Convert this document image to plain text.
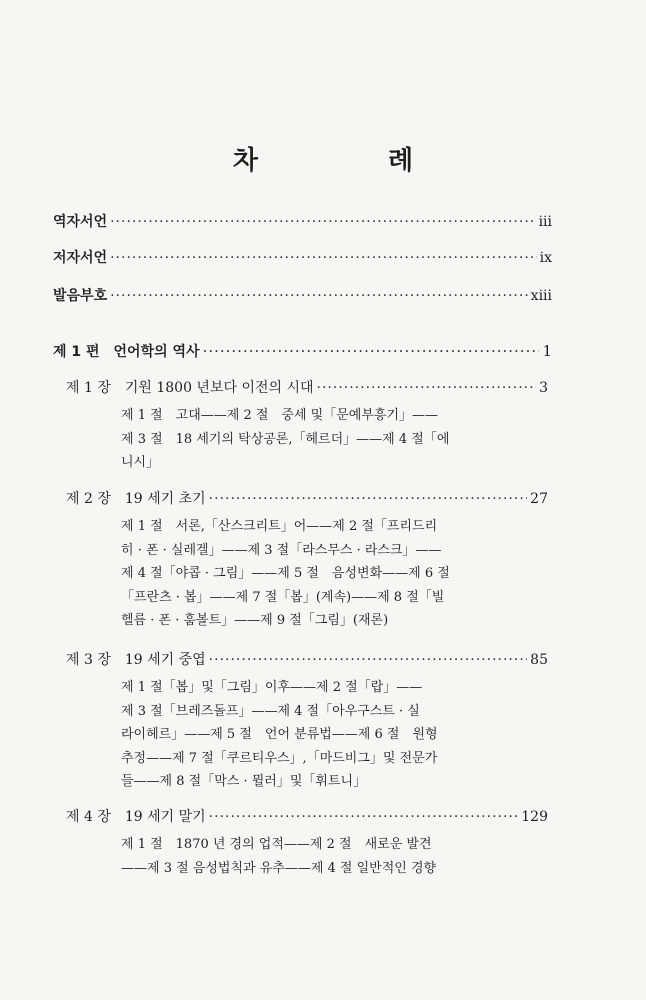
차　례
역자서언 ·····	iii
저자서언 ·····	ix
발음부호 ·····	xiii
제 1 편　언어학의 역사 ·····	1
제 1 장　기원 1800 년보다 이전의 시대 ·····	3
제 1 절　고대——제 2 절　중세 및「문예부흥기」——
제 3 절　18 세기의 탁상공론,「헤르더」——제 4 절「에
니시」
제 2 장　19 세기 초기 ·····	27
제 1 절　서론,「산스크리트」어——제 2 절「프리드리
히 · 폰 · 실레겔」——제 3 절「라스무스 · 라스크」——
제 4 절「야콥 · 그림」——제 5 절　음성변화——제 6 절
「프란츠 · 봅」——제 7 절「봅」(계속)——제 8 절「빌
헬름 · 폰 · 훔볼트」——제 9 절「그림」(재론)
제 3 장　19 세기 중엽 ·····	85
제 1 절「봅」및「그림」이후——제 2 절「랍」——
제 3 절「브레즈돌프」——제 4 절「아우구스트 · 실
라이헤르」——제 5 절　언어 분류법——제 6 절　원형
추정——제 7 절「쿠르티우스」,「마드비그」및 전문가
들——제 8 절「막스 · 뮐러」및「휘트니」
제 4 장　19 세기 말기 ·····	129
제 1 절　1870 년 경의 업적——제 2 절　새로운 발견
——제 3 절 음성법칙과 유추——제 4 절 일반적인 경향
